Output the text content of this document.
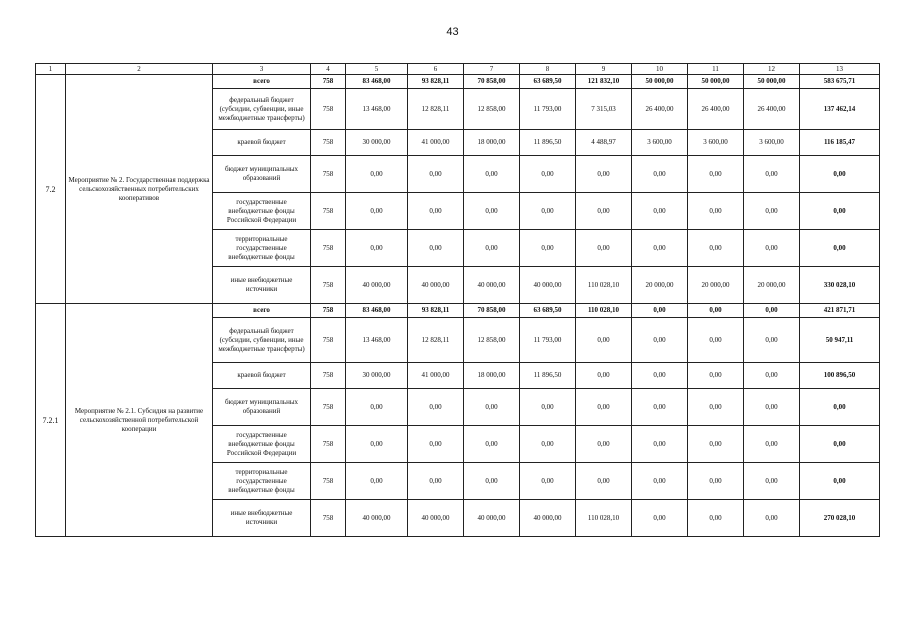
43
1	2	3	4	5	6	7	8	9	10	11	12	13
7.2	Мероприятие № 2. Государственная поддержка сельскохозяйственных потребительских кооперативов	всего	758	83 468,00	93 828,11	70 858,00	63 689,50	121 832,10	50 000,00	50 000,00	50 000,00	583 675,71
		федеральный бюджет (субсидии, субвенции, иные межбюджетные трансферты)	758	13 468,00	12 828,11	12 858,00	11 793,00	7 315,03	26 400,00	26 400,00	26 400,00	137 462,14
		краевой бюджет	758	30 000,00	41 000,00	18 000,00	11 896,50	4 488,97	3 600,00	3 600,00	3 600,00	116 185,47
		бюджет муниципальных образований	758	0,00	0,00	0,00	0,00	0,00	0,00	0,00	0,00	0,00
		государственные внебюджетные фонды Российской Федерации	758	0,00	0,00	0,00	0,00	0,00	0,00	0,00	0,00	0,00
		территориальные государственные внебюджетные фонды	758	0,00	0,00	0,00	0,00	0,00	0,00	0,00	0,00	0,00
		иные внебюджетные источники	758	40 000,00	40 000,00	40 000,00	40 000,00	110 028,10	20 000,00	20 000,00	20 000,00	330 028,10
7.2.1	Мероприятие № 2.1. Субсидия на развитие сельскохозяйственной потребительской кооперации	всего	758	83 468,00	93 828,11	70 858,00	63 689,50	110 028,10	0,00	0,00	0,00	421 871,71
		федеральный бюджет (субсидии, субвенции, иные межбюджетные трансферты)	758	13 468,00	12 828,11	12 858,00	11 793,00	0,00	0,00	0,00	0,00	50 947,11
		краевой бюджет	758	30 000,00	41 000,00	18 000,00	11 896,50	0,00	0,00	0,00	0,00	100 896,50
		бюджет муниципальных образований	758	0,00	0,00	0,00	0,00	0,00	0,00	0,00	0,00	0,00
		государственные внебюджетные фонды Российской Федерации	758	0,00	0,00	0,00	0,00	0,00	0,00	0,00	0,00	0,00
		территориальные государственные внебюджетные фонды	758	0,00	0,00	0,00	0,00	0,00	0,00	0,00	0,00	0,00
		иные внебюджетные источники	758	40 000,00	40 000,00	40 000,00	40 000,00	110 028,10	0,00	0,00	0,00	270 028,10
